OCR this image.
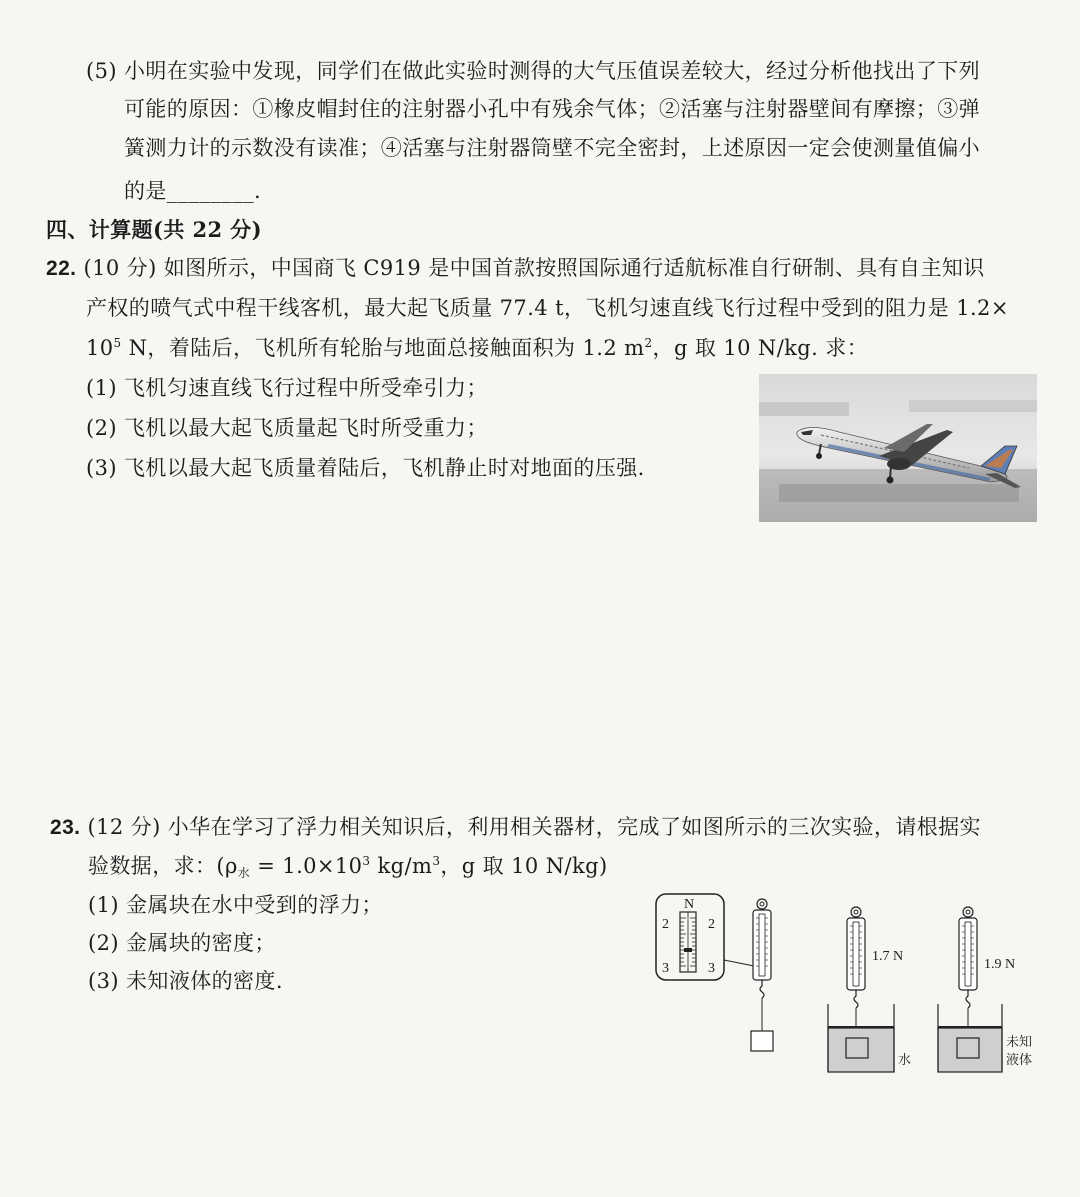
(5) 小明在实验中发现，同学们在做此实验时测得的大气压值误差较大，经过分析他找出了下列
可能的原因：①橡皮帽封住的注射器小孔中有残余气体；②活塞与注射器壁间有摩擦；③弹
簧测力计的示数没有读准；④活塞与注射器筒壁不完全密封，上述原因一定会使测量值偏小
的是________.
四、计算题(共 22 分)
22. (10 分) 如图所示，中国商飞 C919 是中国首款按照国际通行适航标准自行研制、具有自主知识
产权的喷气式中程干线客机，最大起飞质量 77.4 t，飞机匀速直线飞行过程中受到的阻力是 1.2×
$10^5$ N，着陆后，飞机所有轮胎与地面总接触面积为 1.2 $m^2$，g 取 10 N/kg. 求：
(1) 飞机匀速直线飞行过程中所受牵引力；
(2) 飞机以最大起飞质量起飞时所受重力；
(3) 飞机以最大起飞质量着陆后，飞机静止时对地面的压强.
23. (12 分) 小华在学习了浮力相关知识后，利用相关器材，完成了如图所示的三次实验，请根据实
验数据，求：($\rho_水 = 1.0\times 10^3$ $kg/m^3$，g 取 10 N/kg)
(1) 金属块在水中受到的浮力；
(2) 金属块的密度；
(3) 未知液体的密度.
N
2	2
3	3
1.7 N
水
1.9 N
未知
液体
